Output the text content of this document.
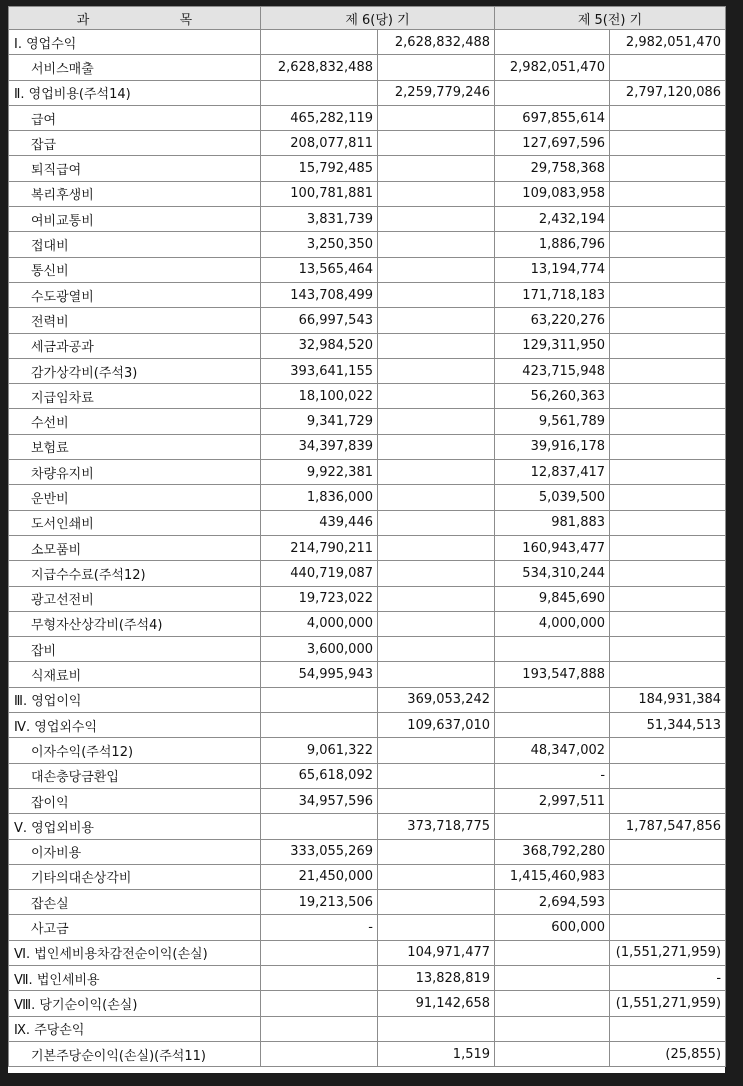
과 목	제 6(당) 기		제 5(전) 기	
Ⅰ. 영업수익		2,628,832,488		2,982,051,470
서비스매출	2,628,832,488		2,982,051,470	
Ⅱ. 영업비용(주석14)		2,259,779,246		2,797,120,086
급여	465,282,119		697,855,614	
잡급	208,077,811		127,697,596	
퇴직급여	15,792,485		29,758,368	
복리후생비	100,781,881		109,083,958	
여비교통비	3,831,739		2,432,194	
접대비	3,250,350		1,886,796	
통신비	13,565,464		13,194,774	
수도광열비	143,708,499		171,718,183	
전력비	66,997,543		63,220,276	
세금과공과	32,984,520		129,311,950	
감가상각비(주석3)	393,641,155		423,715,948	
지급임차료	18,100,022		56,260,363	
수선비	9,341,729		9,561,789	
보험료	34,397,839		39,916,178	
차량유지비	9,922,381		12,837,417	
운반비	1,836,000		5,039,500	
도서인쇄비	439,446		981,883	
소모품비	214,790,211		160,943,477	
지급수수료(주석12)	440,719,087		534,310,244	
광고선전비	19,723,022		9,845,690	
무형자산상각비(주석4)	4,000,000		4,000,000	
잡비	3,600,000			
식재료비	54,995,943		193,547,888	
Ⅲ. 영업이익		369,053,242		184,931,384
Ⅳ. 영업외수익		109,637,010		51,344,513
이자수익(주석12)	9,061,322		48,347,002	
대손충당금환입	65,618,092		-	
잡이익	34,957,596		2,997,511	
Ⅴ. 영업외비용		373,718,775		1,787,547,856
이자비용	333,055,269		368,792,280	
기타의대손상각비	21,450,000		1,415,460,983	
잡손실	19,213,506		2,694,593	
사고금	-		600,000	
Ⅵ. 법인세비용차감전순이익(손실)		104,971,477		(1,551,271,959)
Ⅶ. 법인세비용		13,828,819		-
Ⅷ. 당기순이익(손실)		91,142,658		(1,551,271,959)
Ⅸ. 주당손익				
기본주당순이익(손실)(주석11)		1,519		(25,855)
